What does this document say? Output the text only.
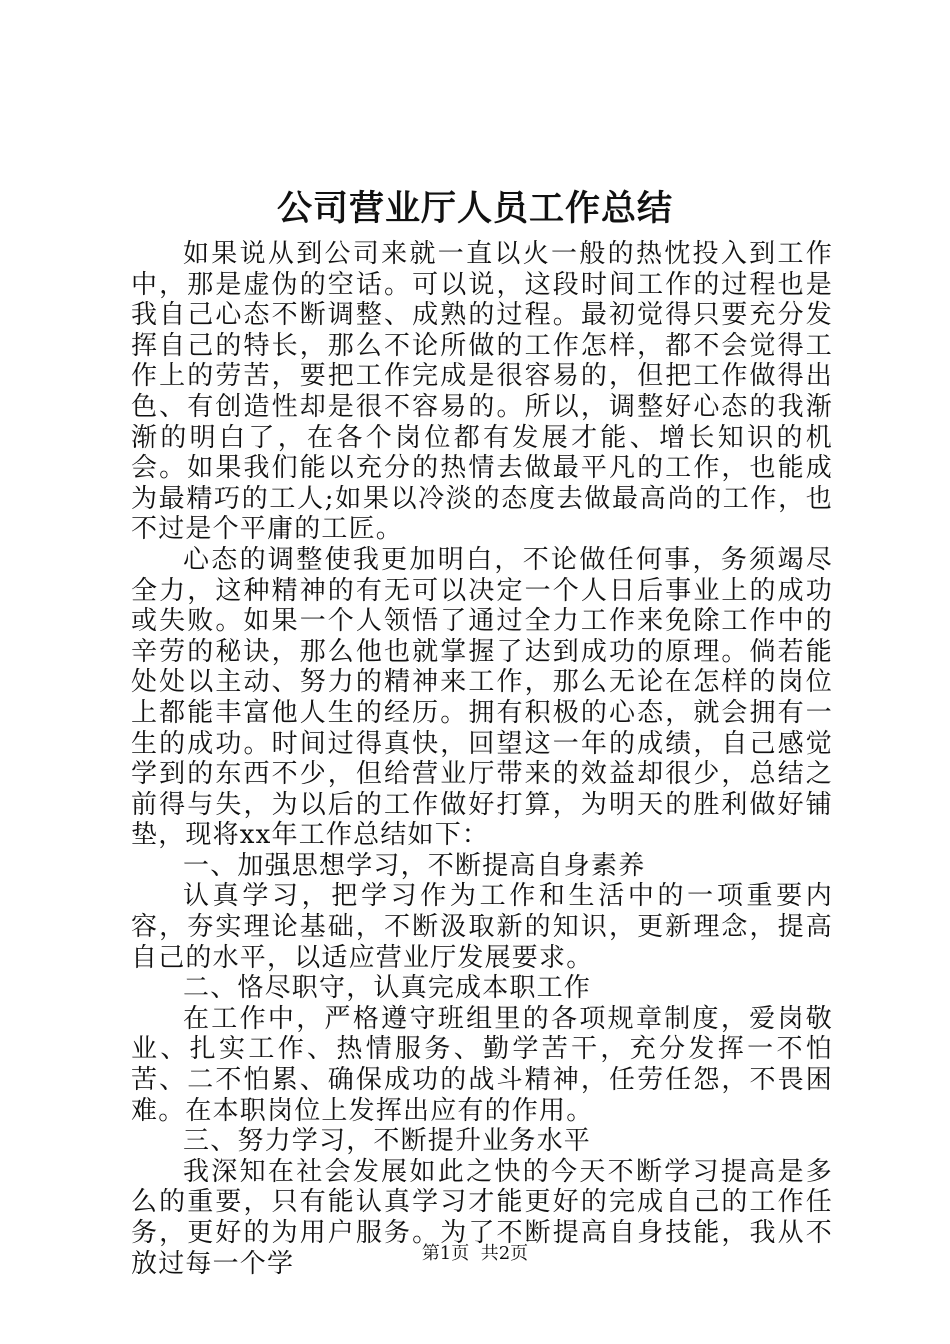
公司营业厅人员工作总结

如果说从到公司来就一直以火一般的热忱投入到工作中，那是虚伪的空话。可以说，这段时间工作的过程也是我自己心态不断调整、成熟的过程。最初觉得只要充分发挥自己的特长，那么不论所做的工作怎样，都不会觉得工作上的劳苦，要把工作完成是很容易的，但把工作做得出色、有创造性却是很不容易的。所以，调整好心态的我渐渐的明白了，在各个岗位都有发展才能、增长知识的机会。如果我们能以充分的热情去做最平凡的工作，也能成为最精巧的工人;如果以冷淡的态度去做最高尚的工作，也不过是个平庸的工匠。

心态的调整使我更加明白，不论做任何事，务须竭尽全力，这种精神的有无可以决定一个人日后事业上的成功或失败。如果一个人领悟了通过全力工作来免除工作中的辛劳的秘诀，那么他也就掌握了达到成功的原理。倘若能处处以主动、努力的精神来工作，那么无论在怎样的岗位上都能丰富他人生的经历。拥有积极的心态，就会拥有一生的成功。时间过得真快，回望这一年的成绩，自己感觉学到的东西不少，但给营业厅带来的效益却很少，总结之前得与失，为以后的工作做好打算，为明天的胜利做好铺垫，现将xx年工作总结如下：

一、加强思想学习，不断提高自身素养

认真学习，把学习作为工作和生活中的一项重要内容，夯实理论基础，不断汲取新的知识，更新理念，提高自己的水平，以适应营业厅发展要求。

二、恪尽职守，认真完成本职工作

在工作中，严格遵守班组里的各项规章制度，爱岗敬业、扎实工作、热情服务、勤学苦干，充分发挥一不怕苦、二不怕累、确保成功的战斗精神，任劳任怨，不畏困难。在本职岗位上发挥出应有的作用。

三、努力学习，不断提升业务水平

我深知在社会发展如此之快的今天不断学习提高是多么的重要，只有能认真学习才能更好的完成自己的工作任务，更好的为用户服务。为了不断提高自身技能，我从不放过每一个学	第1页  共2页
